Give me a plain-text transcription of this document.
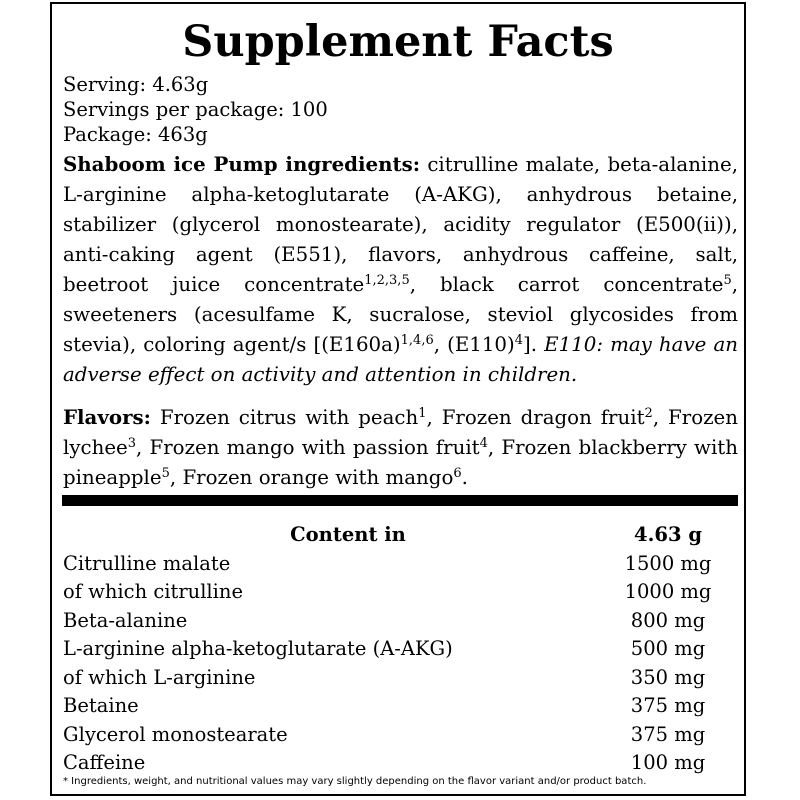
Supplement Facts
Serving: 4.63g
Servings per package: 100
Package: 463g
Shaboom ice Pump ingredients: citrulline malate, beta-alanine, L-arginine alpha-ketoglutarate (A-AKG), anhydrous betaine, stabilizer (glycerol monostearate), acidity regulator (E500(ii)), anti-caking agent (E551), flavors, anhydrous caffeine, salt, beetroot juice concentrate$^{1,2,3,5}$, black carrot concentrate$^5$, sweeteners (acesulfame K, sucralose, steviol glycosides from stevia), coloring agent/s [$(E160a)^{1,4,6}$, $(E110)^4$]. E110: may have an adverse effect on activity and attention in children.
Flavors: Frozen citrus with peach$^1$, Frozen dragon fruit$^2$, Frozen lychee$^3$, Frozen mango with passion fruit$^4$, Frozen blackberry with pineapple$^5$, Frozen orange with mango$^6$.
Content in	4.63 g
Citrulline malate	1500 mg
of which citrulline	1000 mg
Beta-alanine	800 mg
L-arginine alpha-ketoglutarate (A-AKG)	500 mg
of which L-arginine	350 mg
Betaine	375 mg
Glycerol monostearate	375 mg
Caffeine	100 mg
* Ingredients, weight, and nutritional values may vary slightly depending on the flavor variant and/or product batch.
